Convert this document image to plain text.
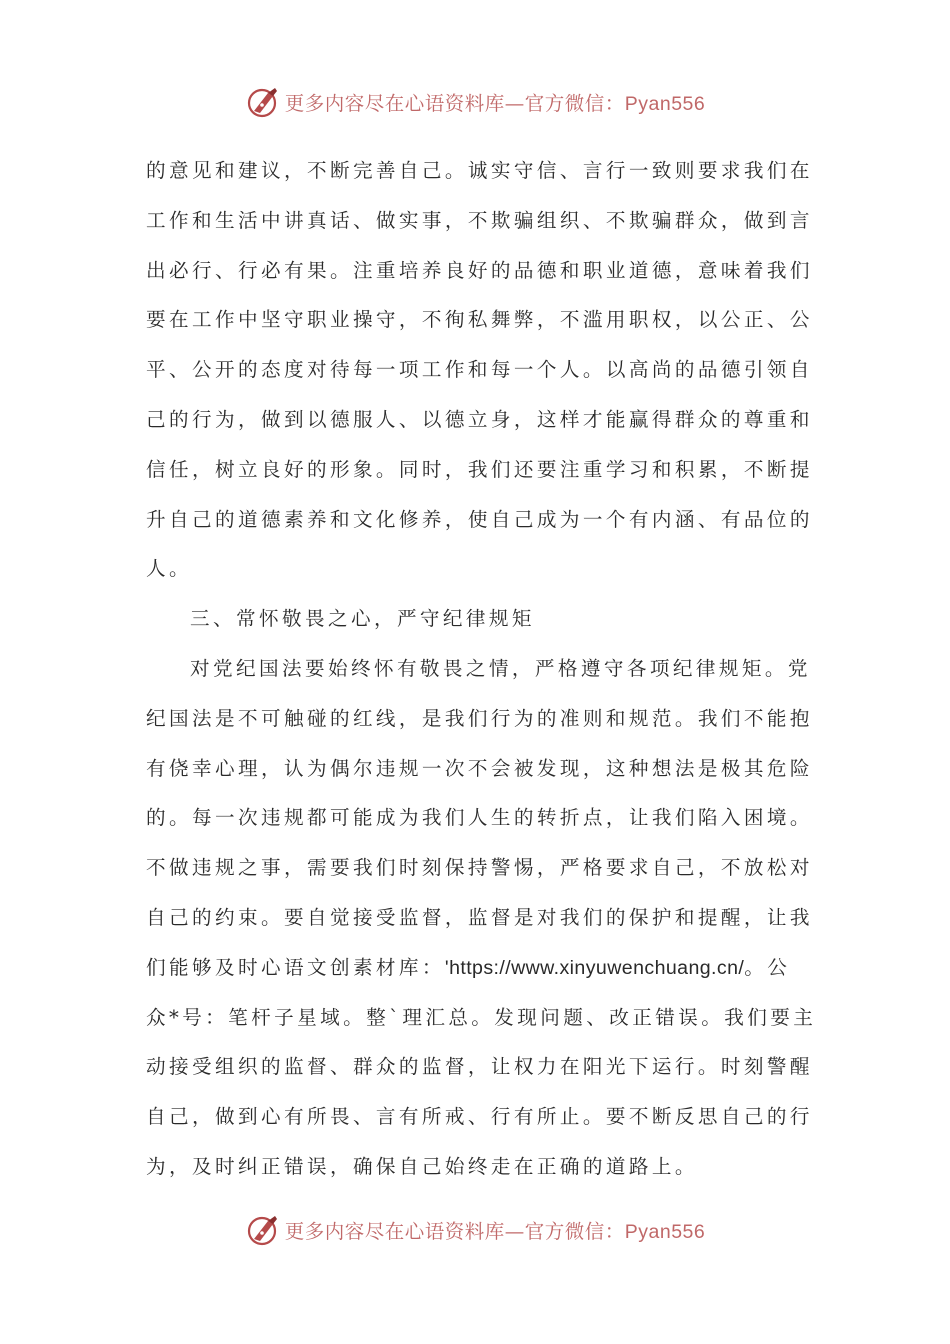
更多内容尽在心语资料库—官方微信：Pyan556
的意见和建议，不断完善自己。诚实守信、言行一致则要求我们在
工作和生活中讲真话、做实事，不欺骗组织、不欺骗群众，做到言
出必行、行必有果。注重培养良好的品德和职业道德，意味着我们
要在工作中坚守职业操守，不徇私舞弊，不滥用职权，以公正、公
平、公开的态度对待每一项工作和每一个人。以高尚的品德引领自
己的行为，做到以德服人、以德立身，这样才能赢得群众的尊重和
信任，树立良好的形象。同时，我们还要注重学习和积累，不断提
升自己的道德素养和文化修养，使自己成为一个有内涵、有品位的
人。
三、常怀敬畏之心，严守纪律规矩
对党纪国法要始终怀有敬畏之情，严格遵守各项纪律规矩。党
纪国法是不可触碰的红线，是我们行为的准则和规范。我们不能抱
有侥幸心理，认为偶尔违规一次不会被发现，这种想法是极其危险
的。每一次违规都可能成为我们人生的转折点，让我们陷入困境。
不做违规之事，需要我们时刻保持警惕，严格要求自己，不放松对
自己的约束。要自觉接受监督，监督是对我们的保护和提醒，让我
们能够及时心语文创素材库：'https://www.xinyuwenchuang.cn/。公
众*号：笔杆子星域。整`理汇总。发现问题、改正错误。我们要主
动接受组织的监督、群众的监督，让权力在阳光下运行。时刻警醒
自己，做到心有所畏、言有所戒、行有所止。要不断反思自己的行
为，及时纠正错误，确保自己始终走在正确的道路上。
更多内容尽在心语资料库—官方微信：Pyan556
